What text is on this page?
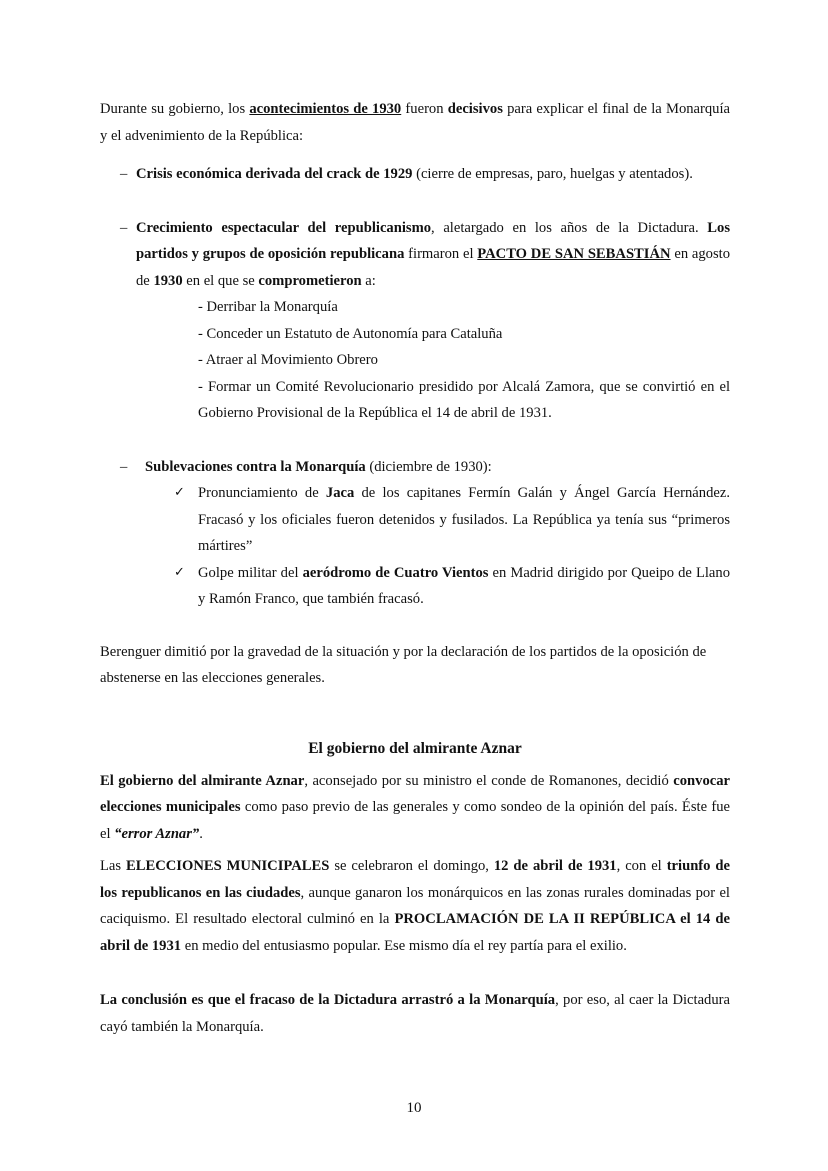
Durante su gobierno, los acontecimientos de 1930 fueron decisivos para explicar el final de la Monarquía y el advenimiento de la República:

– Crisis económica derivada del crack de 1929 (cierre de empresas, paro, huelgas y atentados).

– Crecimiento espectacular del republicanismo, aletargado en los años de la Dictadura. Los partidos y grupos de oposición republicana firmaron el PACTO DE SAN SEBASTIÁN en agosto de 1930 en el que se comprometieron a:

- Derribar la Monarquía

- Conceder un Estatuto de Autonomía para Cataluña

- Atraer al Movimiento Obrero

- Formar un Comité Revolucionario presidido por Alcalá Zamora, que se convirtió en el Gobierno Provisional de la República el 14 de abril de 1931.

– Sublevaciones contra la Monarquía (diciembre de 1930):

✓ Pronunciamiento de Jaca de los capitanes Fermín Galán y Ángel García Hernández. Fracasó y los oficiales fueron detenidos y fusilados. La República ya tenía sus “primeros mártires”

✓ Golpe militar del aeródromo de Cuatro Vientos en Madrid dirigido por Queipo de Llano y Ramón Franco, que también fracasó.

Berenguer dimitió por la gravedad de la situación y por la declaración de los partidos de la oposición de abstenerse en las elecciones generales.

El gobierno del almirante Aznar

El gobierno del almirante Aznar, aconsejado por su ministro el conde de Romanones, decidió convocar elecciones municipales como paso previo de las generales y como sondeo de la opinión del país. Éste fue el “error Aznar”.

Las ELECCIONES MUNICIPALES se celebraron el domingo, 12 de abril de 1931, con el triunfo de los republicanos en las ciudades, aunque ganaron los monárquicos en las zonas rurales dominadas por el caciquismo. El resultado electoral culminó en la PROCLAMACIÓN DE LA II REPÚBLICA el 14 de abril de 1931 en medio del entusiasmo popular. Ese mismo día el rey partía para el exilio.

La conclusión es que el fracaso de la Dictadura arrastró a la Monarquía, por eso, al caer la Dictadura cayó también la Monarquía.

10
